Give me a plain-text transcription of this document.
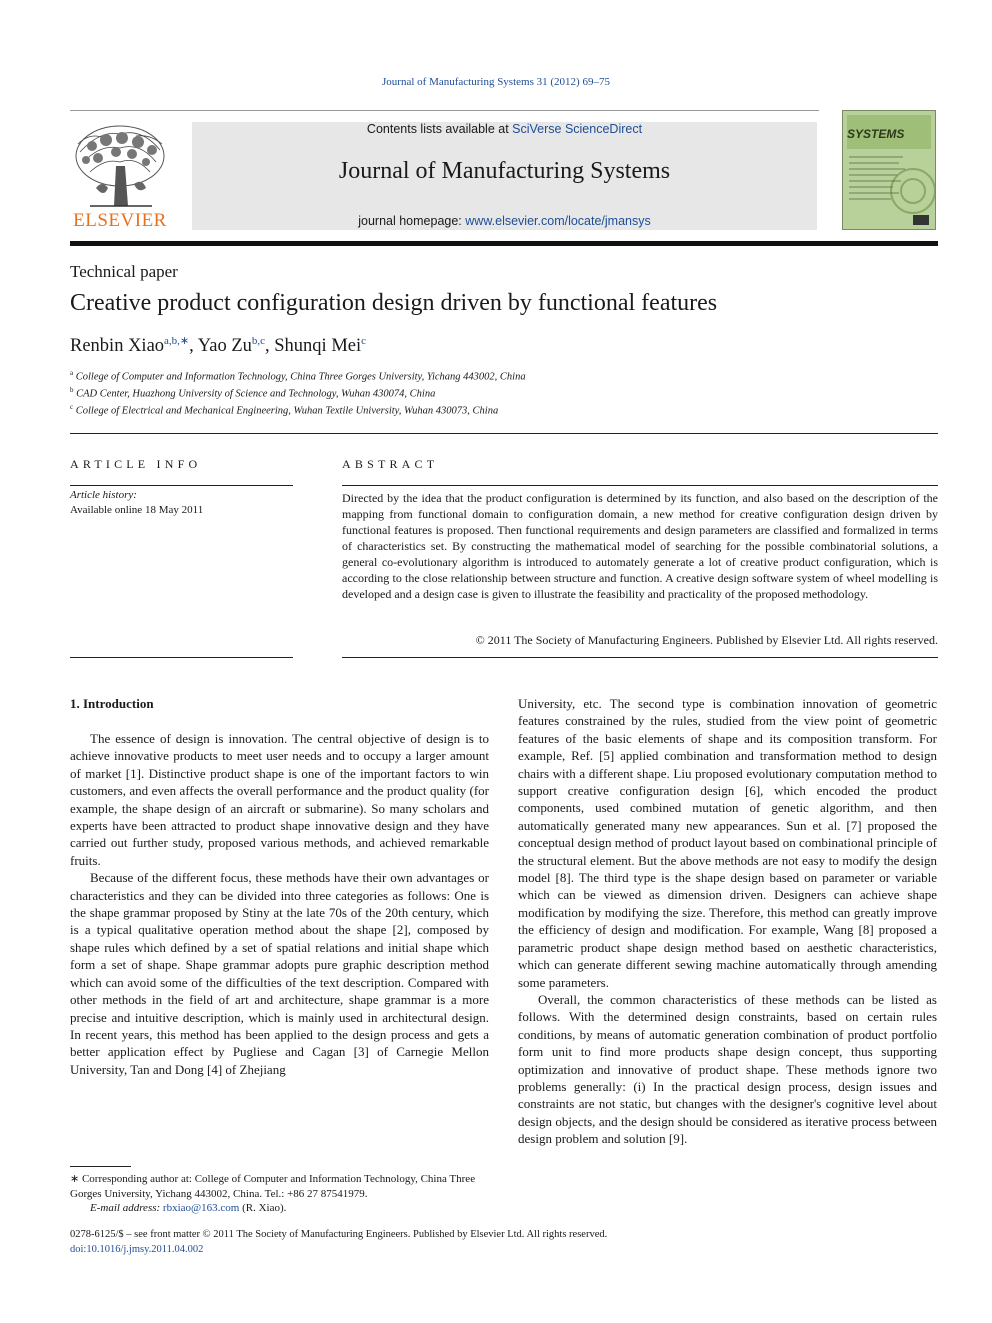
Journal of Manufacturing Systems 31 (2012) 69–75
ELSEVIER
Contents lists available at SciVerse ScienceDirect
Journal of Manufacturing Systems
journal homepage: www.elsevier.com/locate/jmansys
SYSTEMS
Technical paper
Creative product configuration design driven by functional features
Renbin Xiao$^{a,b,∗}$, Yao Zu$^{b,c}$, Shunqi Mei$^c$
$^a$ College of Computer and Information Technology, China Three Gorges University, Yichang 443002, China
$^b$ CAD Center, Huazhong University of Science and Technology, Wuhan 430074, China
$^c$ College of Electrical and Mechanical Engineering, Wuhan Textile University, Wuhan 430073, China
ARTICLE INFO	ABSTRACT
Article history:
Available online 18 May 2011
Directed by the idea that the product configuration is determined by its function, and also based on the description of the mapping from functional domain to configuration domain, a new method for creative configuration design driven by functional features is proposed. Then functional requirements and design parameters are classified and formalized in terms of characteristics set. By constructing the mathematical model of searching for the possible combinatorial solutions, a general co-evolutionary algorithm is introduced to automately generate a lot of creative product configuration, which is according to the close relationship between structure and function. A creative design software system of wheel modelling is developed and a design case is given to illustrate the feasibility and practicality of the proposed methodology.
© 2011 The Society of Manufacturing Engineers. Published by Elsevier Ltd. All rights reserved.
1. Introduction

The essence of design is innovation. The central objective of design is to achieve innovative products to meet user needs and to occupy a larger amount of market [1]. Distinctive product shape is one of the important factors to win customers, and even affects the overall performance and the product quality (for example, the shape design of an aircraft or submarine). So many scholars and experts have been attracted to product shape innovative design and they have carried out further study, proposed various methods, and achieved remarkable fruits.

Because of the different focus, these methods have their own advantages or characteristics and they can be divided into three categories as follows: One is the shape grammar proposed by Stiny at the late 70s of the 20th century, which is a typical qualitative operation method about the shape [2], composed by shape rules which defined by a set of spatial relations and initial shape which form a set of shape. Shape grammar adopts pure graphic description method which can avoid some of the difficulties of the text description. Compared with other methods in the field of art and architecture, shape grammar is a more precise and intuitive description, which is mainly used in architectural design. In recent years, this method has been applied to the design process and gets a better application effect by Pugliese and Cagan [3] of Carnegie Mellon University, Tan and Dong [4] of Zhejiang

University, etc. The second type is combination innovation of geometric features constrained by the rules, studied from the view point of geometric features of the basic elements of shape and its composition transform. For example, Ref. [5] applied combination and transformation method to design chairs with a different shape. Liu proposed evolutionary computation method to support creative configuration design [6], which encoded the product components, used combined mutation of genetic algorithm, and then automatically generated many new appearances. Sun et al. [7] proposed the conceptual design method of product layout based on combinational principle of the structural element. But the above methods are not easy to modify the design model [8]. The third type is the shape design based on parameter or variable which can be viewed as dimension driven. Designers can achieve shape modification by modifying the size. Therefore, this method can greatly improve the efficiency of design and modification. For example, Wang [8] proposed a parametric product shape design method based on aesthetic characteristics, which can generate different sewing machine automatically through amending some parameters.

Overall, the common characteristics of these methods can be listed as follows. With the determined design constraints, based on certain rules conditions, by means of automatic generation combination of product portfolio form unit to find more products shape design concept, thus supporting optimization and innovative of product shape. These methods ignore two problems generally: (i) In the practical design process, design issues and constraints are not static, but changes with the designer's cognitive level about design objects, and the design should be considered as iterative process between design problem and solution [9].

∗ Corresponding author at: College of Computer and Information Technology, China Three Gorges University, Yichang 443002, China. Tel.: +86 27 87541979.
E-mail address: rbxiao@163.com (R. Xiao).
0278-6125/$ – see front matter © 2011 The Society of Manufacturing Engineers. Published by Elsevier Ltd. All rights reserved.
doi:10.1016/j.jmsy.2011.04.002
